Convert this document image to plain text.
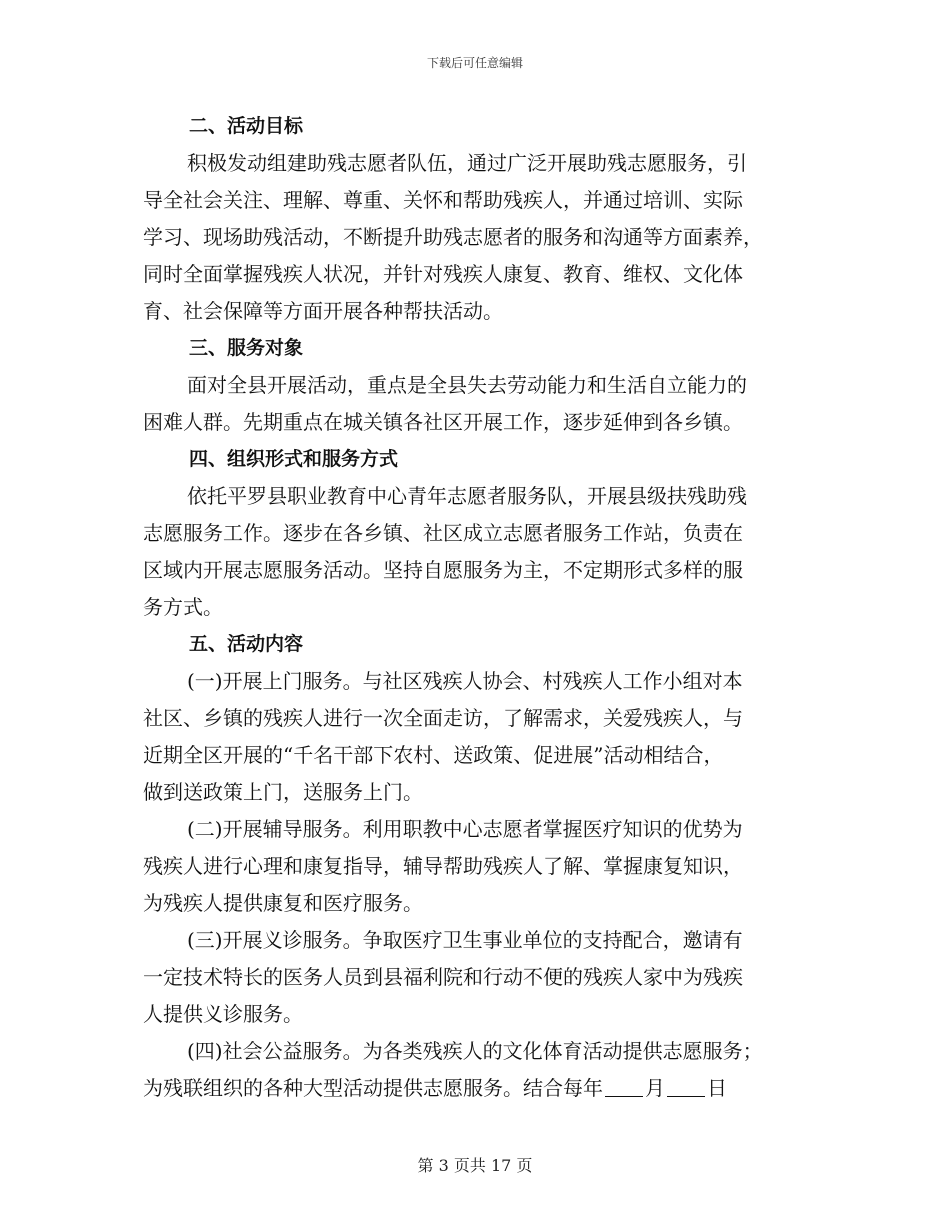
下载后可任意编辑
二、活动目标
积极发动组建助残志愿者队伍，通过广泛开展助残志愿服务，引
导全社会关注、理解、尊重、关怀和帮助残疾人，并通过培训、实际
学习、现场助残活动，不断提升助残志愿者的服务和沟通等方面素养，
同时全面掌握残疾人状况，并针对残疾人康复、教育、维权、文化体
育、社会保障等方面开展各种帮扶活动。
三、服务对象
面对全县开展活动，重点是全县失去劳动能力和生活自立能力的
困难人群。先期重点在城关镇各社区开展工作，逐步延伸到各乡镇。
四、组织形式和服务方式
依托平罗县职业教育中心青年志愿者服务队，开展县级扶残助残
志愿服务工作。逐步在各乡镇、社区成立志愿者服务工作站，负责在
区域内开展志愿服务活动。坚持自愿服务为主，不定期形式多样的服
务方式。
五、活动内容
(一)开展上门服务。与社区残疾人协会、村残疾人工作小组对本
社区、乡镇的残疾人进行一次全面走访，了解需求，关爱残疾人，与
近期全区开展的“千名干部下农村、送政策、促进展”活动相结合，
做到送政策上门，送服务上门。
(二)开展辅导服务。利用职教中心志愿者掌握医疗知识的优势为
残疾人进行心理和康复指导，辅导帮助残疾人了解、掌握康复知识，
为残疾人提供康复和医疗服务。
(三)开展义诊服务。争取医疗卫生事业单位的支持配合，邀请有
一定技术特长的医务人员到县福利院和行动不便的残疾人家中为残疾
人提供义诊服务。
(四)社会公益服务。为各类残疾人的文化体育活动提供志愿服务；
为残联组织的各种大型活动提供志愿服务。结合每年 月 日
第 3 页共 17 页
